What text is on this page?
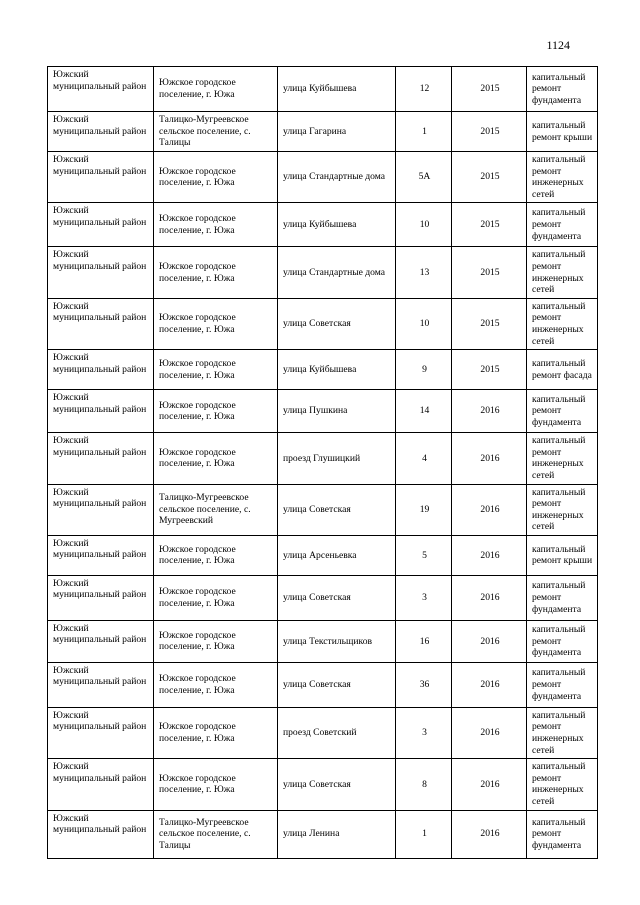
1124
Южский муниципальный район	Южское городское поселение, г. Южа	улица Куйбышева	12	2015	капитальный ремонт фундамента
Южский муниципальный район	Талицко-Мугреевское сельское поселение, с. Талицы	улица Гагарина	1	2015	капитальный ремонт крыши
Южский муниципальный район	Южское городское поселение, г. Южа	улица Стандартные дома	5А	2015	капитальный ремонт инженерных сетей
Южский муниципальный район	Южское городское поселение, г. Южа	улица Куйбышева	10	2015	капитальный ремонт фундамента
Южский муниципальный район	Южское городское поселение, г. Южа	улица Стандартные дома	13	2015	капитальный ремонт инженерных сетей
Южский муниципальный район	Южское городское поселение, г. Южа	улица Советская	10	2015	капитальный ремонт инженерных сетей
Южский муниципальный район	Южское городское поселение, г. Южа	улица Куйбышева	9	2015	капитальный ремонт фасада
Южский муниципальный район	Южское городское поселение, г. Южа	улица Пушкина	14	2016	капитальный ремонт фундамента
Южский муниципальный район	Южское городское поселение, г. Южа	проезд Глушицкий	4	2016	капитальный ремонт инженерных сетей
Южский муниципальный район	Талицко-Мугреевское сельское поселение, с. Мугреевский	улица Советская	19	2016	капитальный ремонт инженерных сетей
Южский муниципальный район	Южское городское поселение, г. Южа	улица Арсеньевка	5	2016	капитальный ремонт крыши
Южский муниципальный район	Южское городское поселение, г. Южа	улица Советская	3	2016	капитальный ремонт фундамента
Южский муниципальный район	Южское городское поселение, г. Южа	улица Текстильщиков	16	2016	капитальный ремонт фундамента
Южский муниципальный район	Южское городское поселение, г. Южа	улица Советская	36	2016	капитальный ремонт фундамента
Южский муниципальный район	Южское городское поселение, г. Южа	проезд Советский	3	2016	капитальный ремонт инженерных сетей
Южский муниципальный район	Южское городское поселение, г. Южа	улица Советская	8	2016	капитальный ремонт инженерных сетей
Южский муниципальный район	Талицко-Мугреевское сельское поселение, с. Талицы	улица Ленина	1	2016	капитальный ремонт фундамента
